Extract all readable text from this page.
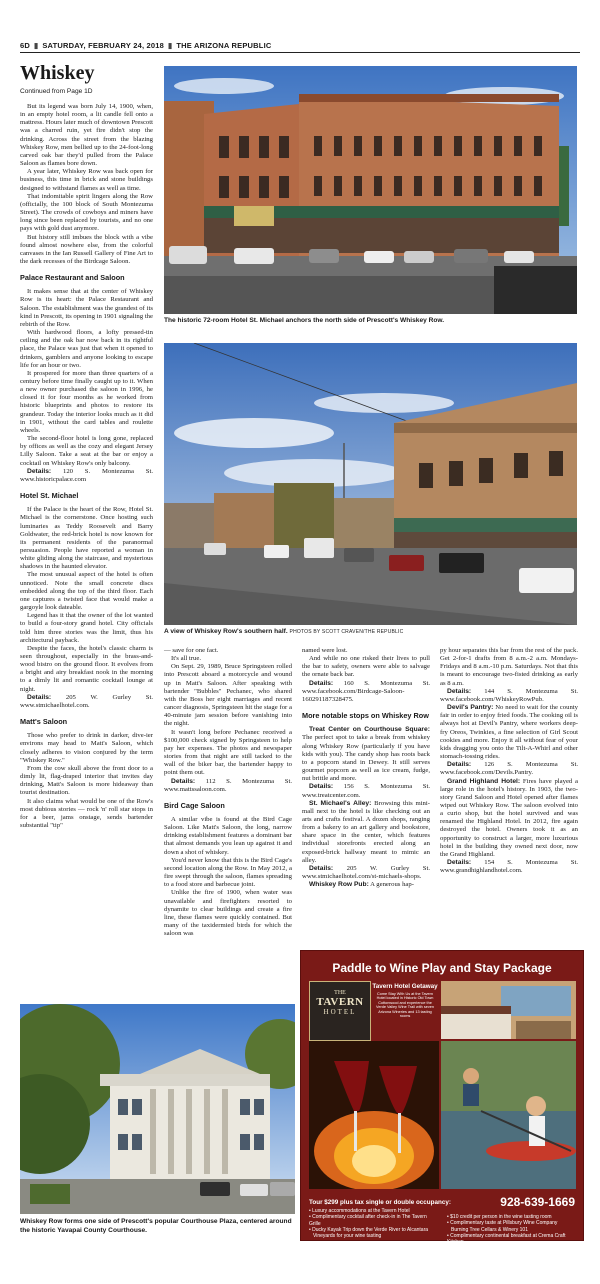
6D ▮ SATURDAY, FEBRUARY 24, 2018 ▮ THE ARIZONA REPUBLIC
Whiskey
Continued from Page 1D

But its legend was born July 14, 1900, when, in an empty hotel room, a lit candle fell onto a mattress. Hours later much of downtown Prescott was a charred ruin, yet fire didn't stop the drinking. Across the street from the blazing Whiskey Row, men bellied up to the 24-foot-long carved oak bar they'd pulled from the Palace Saloon as flames bore down.

A year later, Whiskey Row was back open for business, this time in brick and stone buildings designed to withstand flames as well as time.

That indomitable spirit lingers along the Row (officially, the 100 block of South Montezuma Street). The crowds of cowboys and miners have long since been replaced by tourists, and no one pays with gold dust anymore.

But history still imbues the block with a vibe found almost nowhere else, from the colorful canvases in the Ian Russell Gallery of Fine Art to the dark recesses of the Birdcage Saloon.

Palace Restaurant and Saloon

It makes sense that at the center of Whiskey Row is its heart: the Palace Restaurant and Saloon. The establishment was the grandest of its kind in Prescott, its opening in 1901 signaling the rebirth of the Row.

With hardwood floors, a lofty pressed-tin ceiling and the oak bar now back in its rightful place, the Palace was just that when it opened to drinkers, gamblers and anyone looking to escape life for an hour or two.

It prospered for more than three quarters of a century before time finally caught up to it. When a new owner purchased the saloon in 1996, he closed it for four months as he worked from historic blueprints and photos to restore its grandeur. Today the interior looks much as it did in 1901, without the card tables and roulette wheels.

The second-floor hotel is long gone, replaced by offices as well as the cozy and elegant Jersey Lilly Saloon. Take a seat at the bar or enjoy a cocktail on Whiskey Row's only balcony.

Details: 120 S. Montezuma St. www.historicpalace.com

Hotel St. Michael

If the Palace is the heart of the Row, Hotel St. Michael is the cornerstone. Once hosting such luminaries as Teddy Roosevelt and Barry Goldwater, the red-brick hotel is now known for its permanent residents of the paranormal persuasion. People have reported a woman in white gliding along the staircase, and mysterious shadows in the haunted elevator.

The most unusual aspect of the hotel is often unnoticed. Note the small concrete discs embedded along the top of the third floor. Each one captures a twisted face that would make a gargoyle look dateable.

Legend has it that the owner of the lot wanted to build a four-story grand hotel. City officials told him three stories was the limit, thus his architectural payback.

Despite the faces, the hotel's classic charm is seen throughout, especially in the brass-and-wood bistro on the ground floor. It evolves from a bright and airy breakfast nook in the morning to a dimly lit and romantic cocktail lounge at night.

Details: 205 W. Gurley St. www.stmichaelhotel.com.

Matt's Saloon

Those who prefer to drink in darker, dive-ier environs may head to Matt's Saloon, which closely adheres to vision conjured by the term "Whiskey Row."

From the cow skull above the front door to a dimly lit, flag-draped interior that invites day drinking, Matt's Saloon is more hideaway than tourist destination.

It also claims what would be one of the Row's most dubious stories — rock 'n' roll star stops in for a beer, jams onstage, sends bartender substantial "tip"

The historic 72-room Hotel St. Michael anchors the north side of Prescott's Whiskey Row.
A view of Whiskey Row's southern half. PHOTOS BY SCOTT CRAVEN/THE REPUBLIC

— save for one fact.

It's all true.

On Sept. 29, 1989, Bruce Springsteen rolled into Prescott aboard a motorcycle and wound up in Matt's Saloon. After speaking with bartender "Bubbles" Pechanec, who shared with the Boss her eight marriages and recent cancer diagnosis, Springsteen hit the stage for a 40-minute jam session before vanishing into the night.

It wasn't long before Pechanec received a $100,000 check signed by Springsteen to help pay her expenses. The photos and newspaper stories from that night are still tacked to the wall of the biker bar, the bartender happy to point them out.

Details: 112 S. Montezuma St. www.mattssaloon.com.

Bird Cage Saloon

A similar vibe is found at the Bird Cage Saloon. Like Matt's Saloon, the long, narrow drinking establishment features a dominant bar that almost demands you lean up against it and down a shot of whiskey.

You'd never know that this is the Bird Cage's second location along the Row. In May 2012, a fire swept through the saloon, flames spreading to a food store and barbecue joint.

Unlike the fire of 1900, when water was unavailable and firefighters resorted to dynamite to clear buildings and create a fire line, these flames were quickly contained. But many of the taxidermied birds for which the saloon was

named were lost.

And while no one risked their lives to pull the bar to safety, owners were able to salvage the ornate back bar.

Details: 160 S. Montezuma St. www.facebook.com/Birdcage-Saloon-160291187328475.

More notable stops on Whiskey Row

Treat Center on Courthouse Square: The perfect spot to take a break from whiskey along Whiskey Row (particularly if you have kids with you). The candy shop has roots back to a popcorn stand in Dewey. It still serves gourmet popcorn as well as ice cream, fudge, nut brittle and more.

Details: 156 S. Montezuma St. www.treatcenter.com.

St. Michael's Alley: Browsing this mini-mall next to the hotel is like checking out an arts and crafts festival. A dozen shops, ranging from a bakery to an art gallery and bookstore, share space in the center, which features individual storefronts erected along an exposed-brick hallway meant to mimic an alley.

Details: 205 W. Gurley St. www.stmichaelhotel.com/st-michaels-shops.

Whiskey Row Pub: A generous hap-

py hour separates this bar from the rest of the pack. Get 2-for-1 drafts from 8 a.m.-2 a.m. Mondays-Fridays and 8 a.m.-10 p.m. Saturdays. Not that this is meant to encourage two-fisted drinking as early as 8 a.m.

Details: 144 S. Montezuma St. www.facebook.com/WhiskeyRowPub.

Devil's Pantry: No need to wait for the county fair in order to enjoy fried foods. The cooking oil is always hot at Devil's Pantry, where workers deep-fry Oreos, Twinkies, a fine selection of Girl Scout cookies and more. Enjoy it all without fear of your kids dragging you onto the Tilt-A-Whirl and other stomach-tossing rides.

Details: 126 S. Montezuma St. www.facebook.com/Devils.Pantry.

Grand Highland Hotel: Fires have played a large role in the hotel's history. In 1903, the two-story Grand Saloon and Hotel opened after flames wiped out Whiskey Row. The saloon evolved into a curio shop, but the hotel survived and was renamed the Highland Hotel. In 2012, fire again destroyed the hotel. Owners took it as an opportunity to construct a larger, more luxurious hotel in the building they owned next door, now the Grand Highland.

Details: 154 S. Montezuma St. www.grandhighlandhotel.com.

Whiskey Row forms one side of Prescott's popular Courthouse Plaza, centered around the historic Yavapai County Courthouse.
Paddle to Wine Play and Stay Package
THE
TAVERN
HOTEL
Tavern Hotel Getaway
Come Stay With Us at the Tavern Hotel located in Historic Old Town Cottonwood and experience the Verde Valley Wine Trail with seven Arizona Wineries and 13 tasting rooms
Tour $299 plus tax single or double occupancy:
• Luxury accommodations at the Tavern Hotel
• Complimentary cocktail after check-in in The Tavern Grille
• Ducky Kayak Trip down the Verde River to Alcantara
Vineyards for your wine tasting
• $10 credit per person in the wine tasting room
• Complimentary taste at Pillsbury Wine Company
Burning Tree Cellars & Winery 101
• Complimentary continental breakfast at Crema Craft Kitchen
928-639-1669
